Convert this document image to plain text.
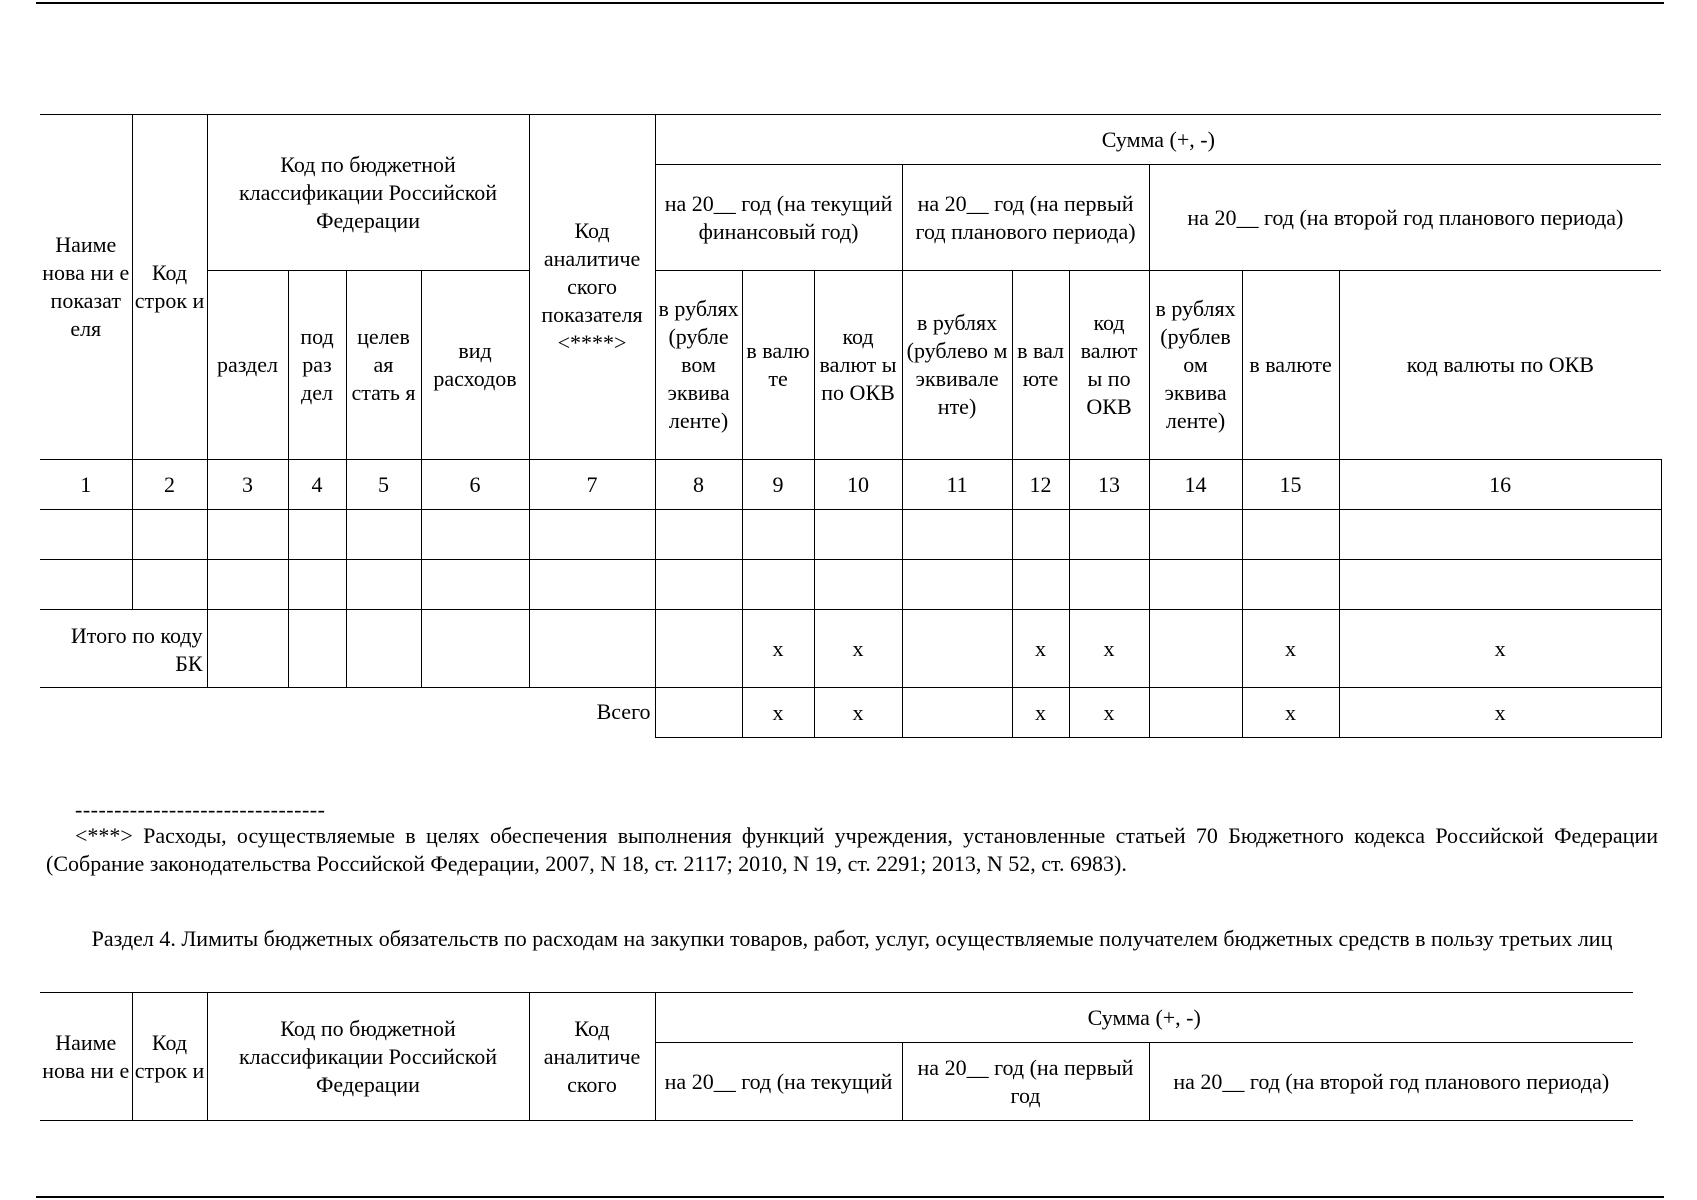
Наиме нова ни е показат еля	Код строк и	Код по бюджетной классификации Российской Федерации				Код аналитиче ского показателя <****>	Сумма (+, -)								
							на 20__ год (на текущий финансовый год)			на 20__ год (на первый год планового периода)			на 20__ год (на второй год планового периода)		
		раздел	под раз дел	целев ая стать я	вид расходов		в рублях (рубле вом эквива ленте)	в валю те	код валют ы по ОКВ	в рублях (рублево м эквивале нте)	в вал юте	код валют ы по ОКВ	в рублях (рублев ом эквива ленте)	в валюте	код валюты по ОКВ
1	2	3	4	5	6	7	8	9	10	11	12	13	14	15	16

Итого по коду БК								x	x		x	x		x	x
Всего								x	x		x	x		x	x
--------------------------------
<***> Расходы, осуществляемые в целях обеспечения выполнения функций учреждения, установленные статьей 70 Бюджетного кодекса Российской Федерации (Собрание законодательства Российской Федерации, 2007, N 18, ст. 2117; 2010, N 19, ст. 2291; 2013, N 52, ст. 6983).
Раздел 4. Лимиты бюджетных обязательств по расходам на закупки товаров, работ, услуг, осуществляемые получателем бюджетных средств в пользу третьих лиц
Наиме нова ни е	Код строк и	Код по бюджетной классификации Российской Федерации	Код аналитиче ского	Сумма (+, -)		
				на 20__ год (на текущий	на 20__ год (на первый год	на 20__ год (на второй год планового периода)
